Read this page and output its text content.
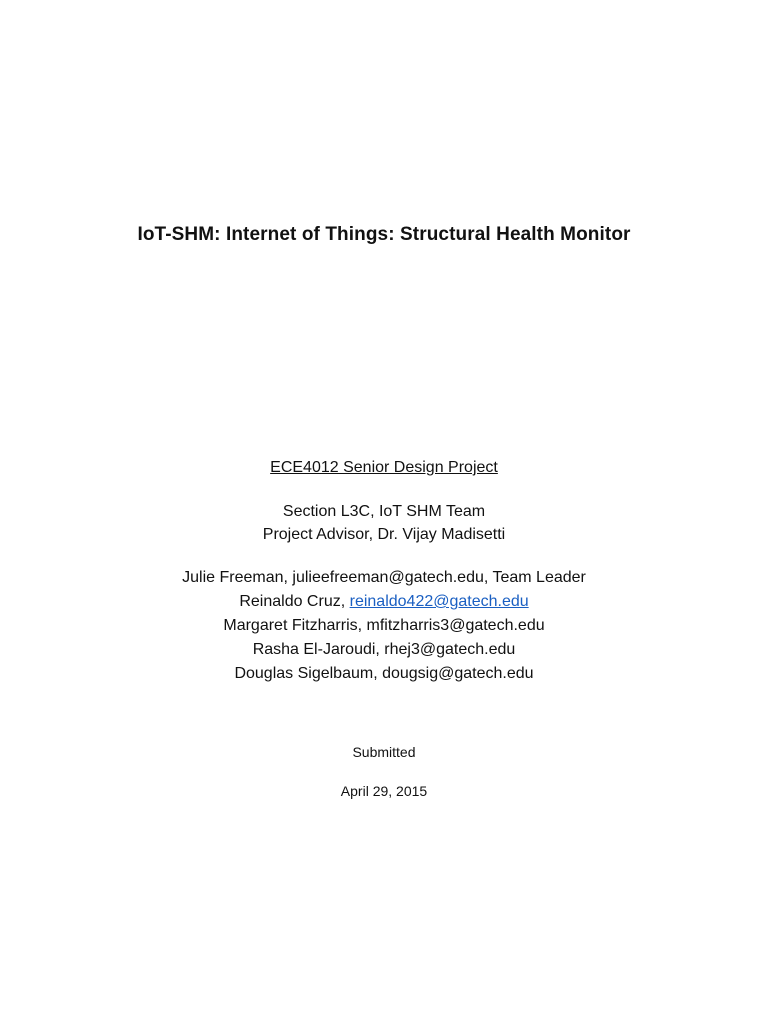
IoT-SHM: Internet of Things: Structural Health Monitor
ECE4012 Senior Design Project
Section L3C, IoT SHM Team
Project Advisor, Dr. Vijay Madisetti
Julie Freeman, julieefreeman@gatech.edu, Team Leader
Reinaldo Cruz, reinaldo422@gatech.edu
Margaret Fitzharris, mfitzharris3@gatech.edu
Rasha El-Jaroudi, rhej3@gatech.edu
Douglas Sigelbaum, dougsig@gatech.edu
Submitted
April 29, 2015
